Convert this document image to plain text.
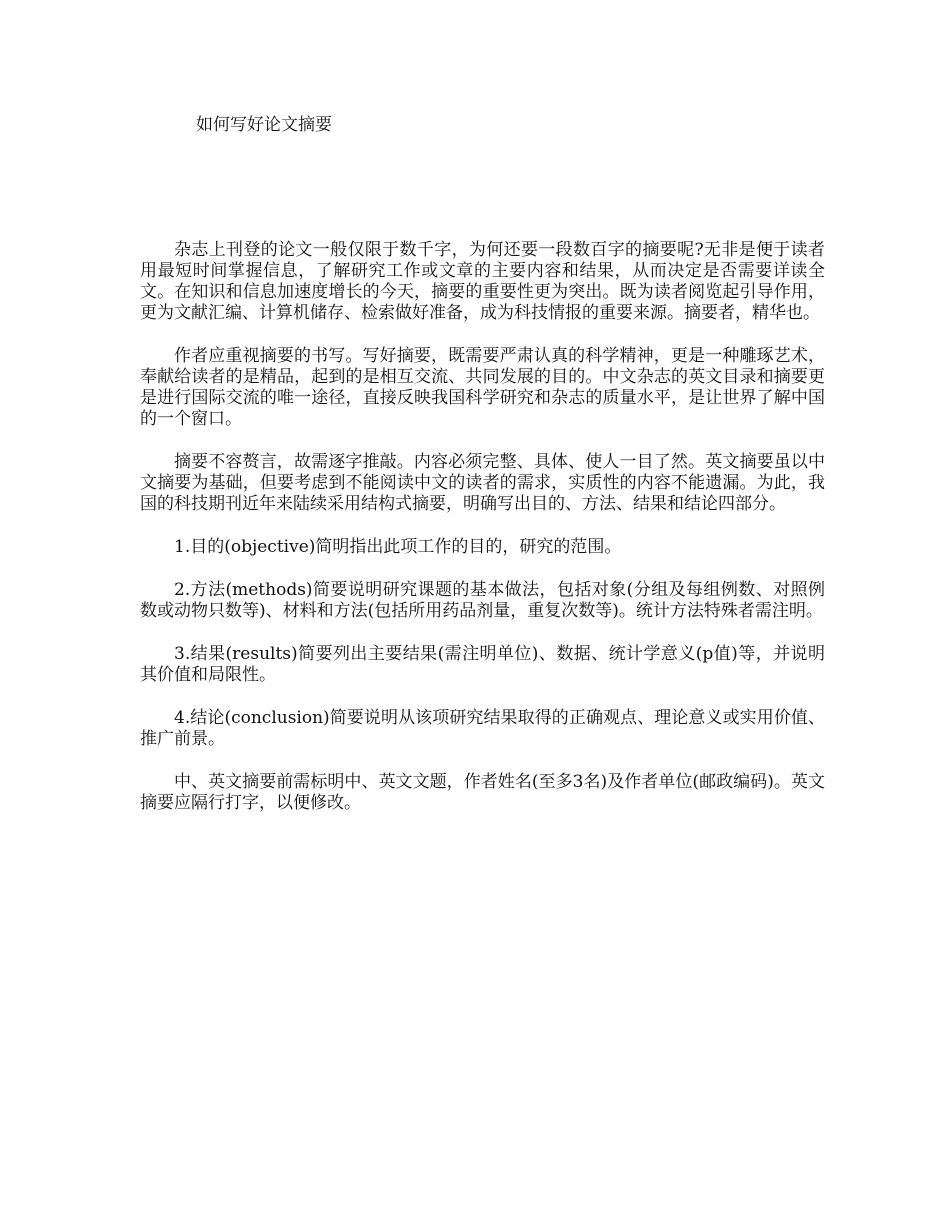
如何写好论文摘要

杂志上刊登的论文一般仅限于数千字，为何还要一段数百字的摘要呢?无非是便于读者用最短时间掌握信息，了解研究工作或文章的主要内容和结果，从而决定是否需要详读全文。在知识和信息加速度增长的今天，摘要的重要性更为突出。既为读者阅览起引导作用，更为文献汇编、计算机储存、检索做好准备，成为科技情报的重要来源。摘要者，精华也。

作者应重视摘要的书写。写好摘要，既需要严肃认真的科学精神，更是一种雕琢艺术，奉献给读者的是精品，起到的是相互交流、共同发展的目的。中文杂志的英文目录和摘要更是进行国际交流的唯一途径，直接反映我国科学研究和杂志的质量水平，是让世界了解中国的一个窗口。

摘要不容赘言，故需逐字推敲。内容必须完整、具体、使人一目了然。英文摘要虽以中文摘要为基础，但要考虑到不能阅读中文的读者的需求，实质性的内容不能遗漏。为此，我国的科技期刊近年来陆续采用结构式摘要，明确写出目的、方法、结果和结论四部分。

1.目的(objective)简明指出此项工作的目的，研究的范围。

2.方法(methods)简要说明研究课题的基本做法，包括对象(分组及每组例数、对照例数或动物只数等)、材料和方法(包括所用药品剂量，重复次数等)。统计方法特殊者需注明。

3.结果(results)简要列出主要结果(需注明单位)、数据、统计学意义(p值)等，并说明其价值和局限性。

4.结论(conclusion)简要说明从该项研究结果取得的正确观点、理论意义或实用价值、推广前景。

中、英文摘要前需标明中、英文文题，作者姓名(至多3名)及作者单位(邮政编码)。英文摘要应隔行打字，以便修改。
